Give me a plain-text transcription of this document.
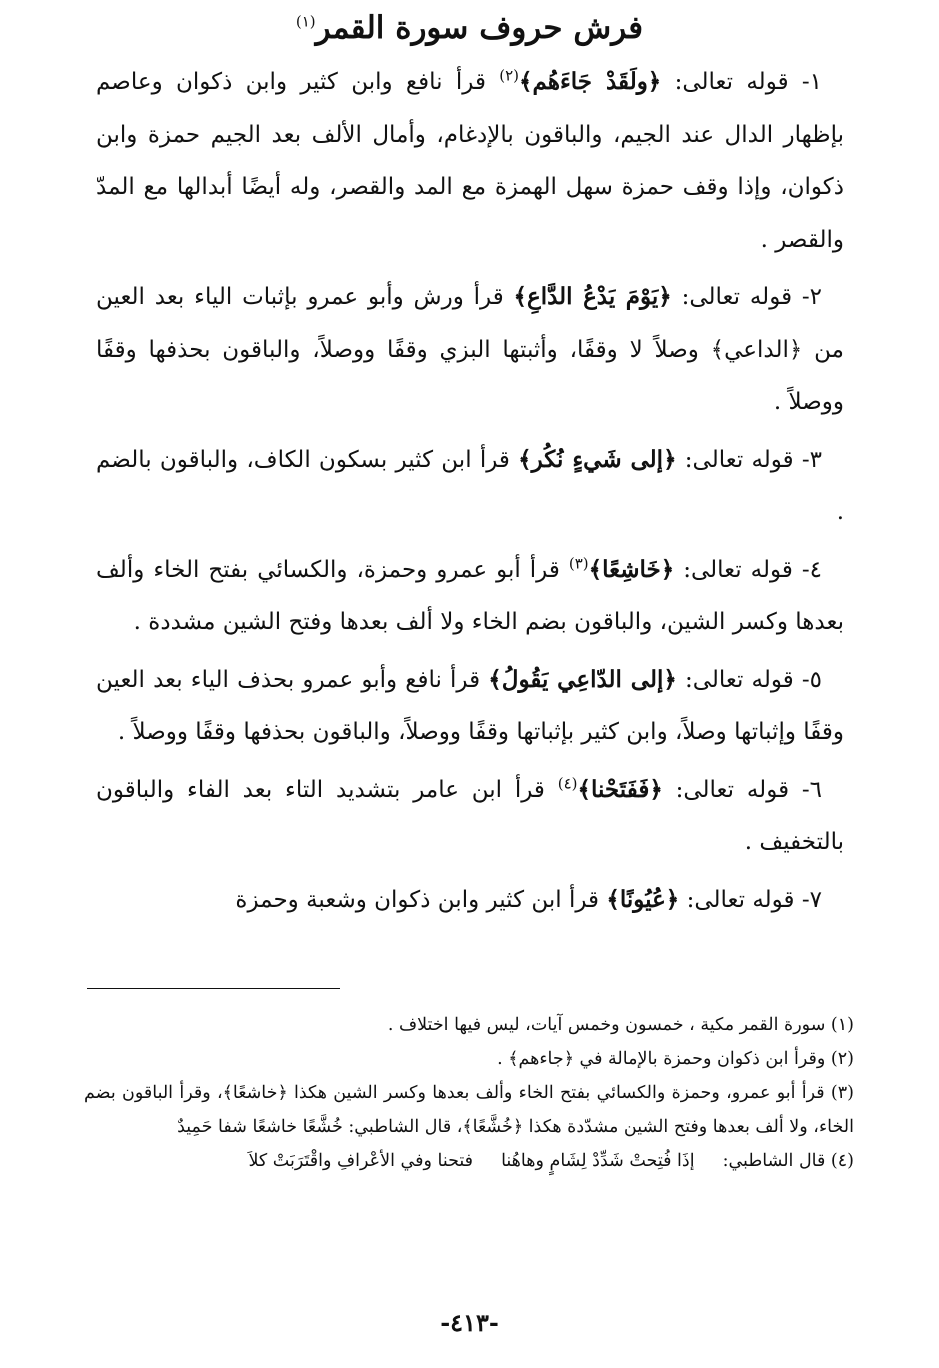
فرش حروف سورة القمر$^{(١)}$

١- قوله تعالى: ﴿ولَقَدْ جَاءَهُم﴾$^{(٢)}$ قرأ نافع وابن كثير وابن ذكوان وعاصم بإظهار الدال عند الجيم، والباقون بالإدغام، وأمال الألف بعد الجيم حمزة وابن ذكوان، وإذا وقف حمزة سهل الهمزة مع المد والقصر، وله أيضًا أبدالها مع المدّ والقصر .

٢- قوله تعالى: ﴿يَوْمَ يَدْعُ الدَّاعِ﴾ قرأ ورش وأبو عمرو بإثبات الياء بعد العين من ﴿الداعي﴾ وصلاً لا وقفًا، وأثبتها البزي وقفًا ووصلاً، والباقون بحذفها وقفًا ووصلاً .

٣- قوله تعالى: ﴿إلى شَيءٍ نُكُر﴾ قرأ ابن كثير بسكون الكاف، والباقون بالضم .

٤- قوله تعالى: ﴿خَاشِعًا﴾$^{(٣)}$ قرأ أبو عمرو وحمزة، والكسائي بفتح الخاء وألف بعدها وكسر الشين، والباقون بضم الخاء ولا ألف بعدها وفتح الشين مشددة .

٥- قوله تعالى: ﴿إلى الدّاعِي يَقُولُ﴾ قرأ نافع وأبو عمرو بحذف الياء بعد العين وقفًا وإثباتها وصلاً، وابن كثير بإثباتها وقفًا ووصلاً، والباقون بحذفها وقفًا ووصلاً .

٦- قوله تعالى: ﴿فَفَتَحْنا﴾$^{(٤)}$ قرأ ابن عامر بتشديد التاء بعد الفاء والباقون بالتخفيف .

٧- قوله تعالى: ﴿عُيُونًا﴾ قرأ ابن كثير وابن ذكوان وشعبة وحمزة

(١) سورة القمر مكية ، خمسون وخمس آيات، ليس فيها اختلاف .

(٢) وقرأ ابن ذكوان وحمزة بالإمالة في ﴿جاءهم﴾ .

(٣) قرأ أبو عمرو، وحمزة والكسائي بفتح الخاء وألف بعدها وكسر الشين هكذا ﴿خاشعًا﴾، وقرأ الباقون بضم الخاء، ولا ألف بعدها وفتح الشين مشدّدة هكذا ﴿خُشَّعًا﴾، قال الشاطبي: خُشَّعًا خاشعًا شفا حَمِيدٌ

(٤) قال الشاطبي:
إذَا فُتِحتْ شَدِّدْ لِشَامٍ وهاهُنا
فتحنا وفي الأعْرافِ واقْتَرَبَتْ كلاَ
-٤١٣-
